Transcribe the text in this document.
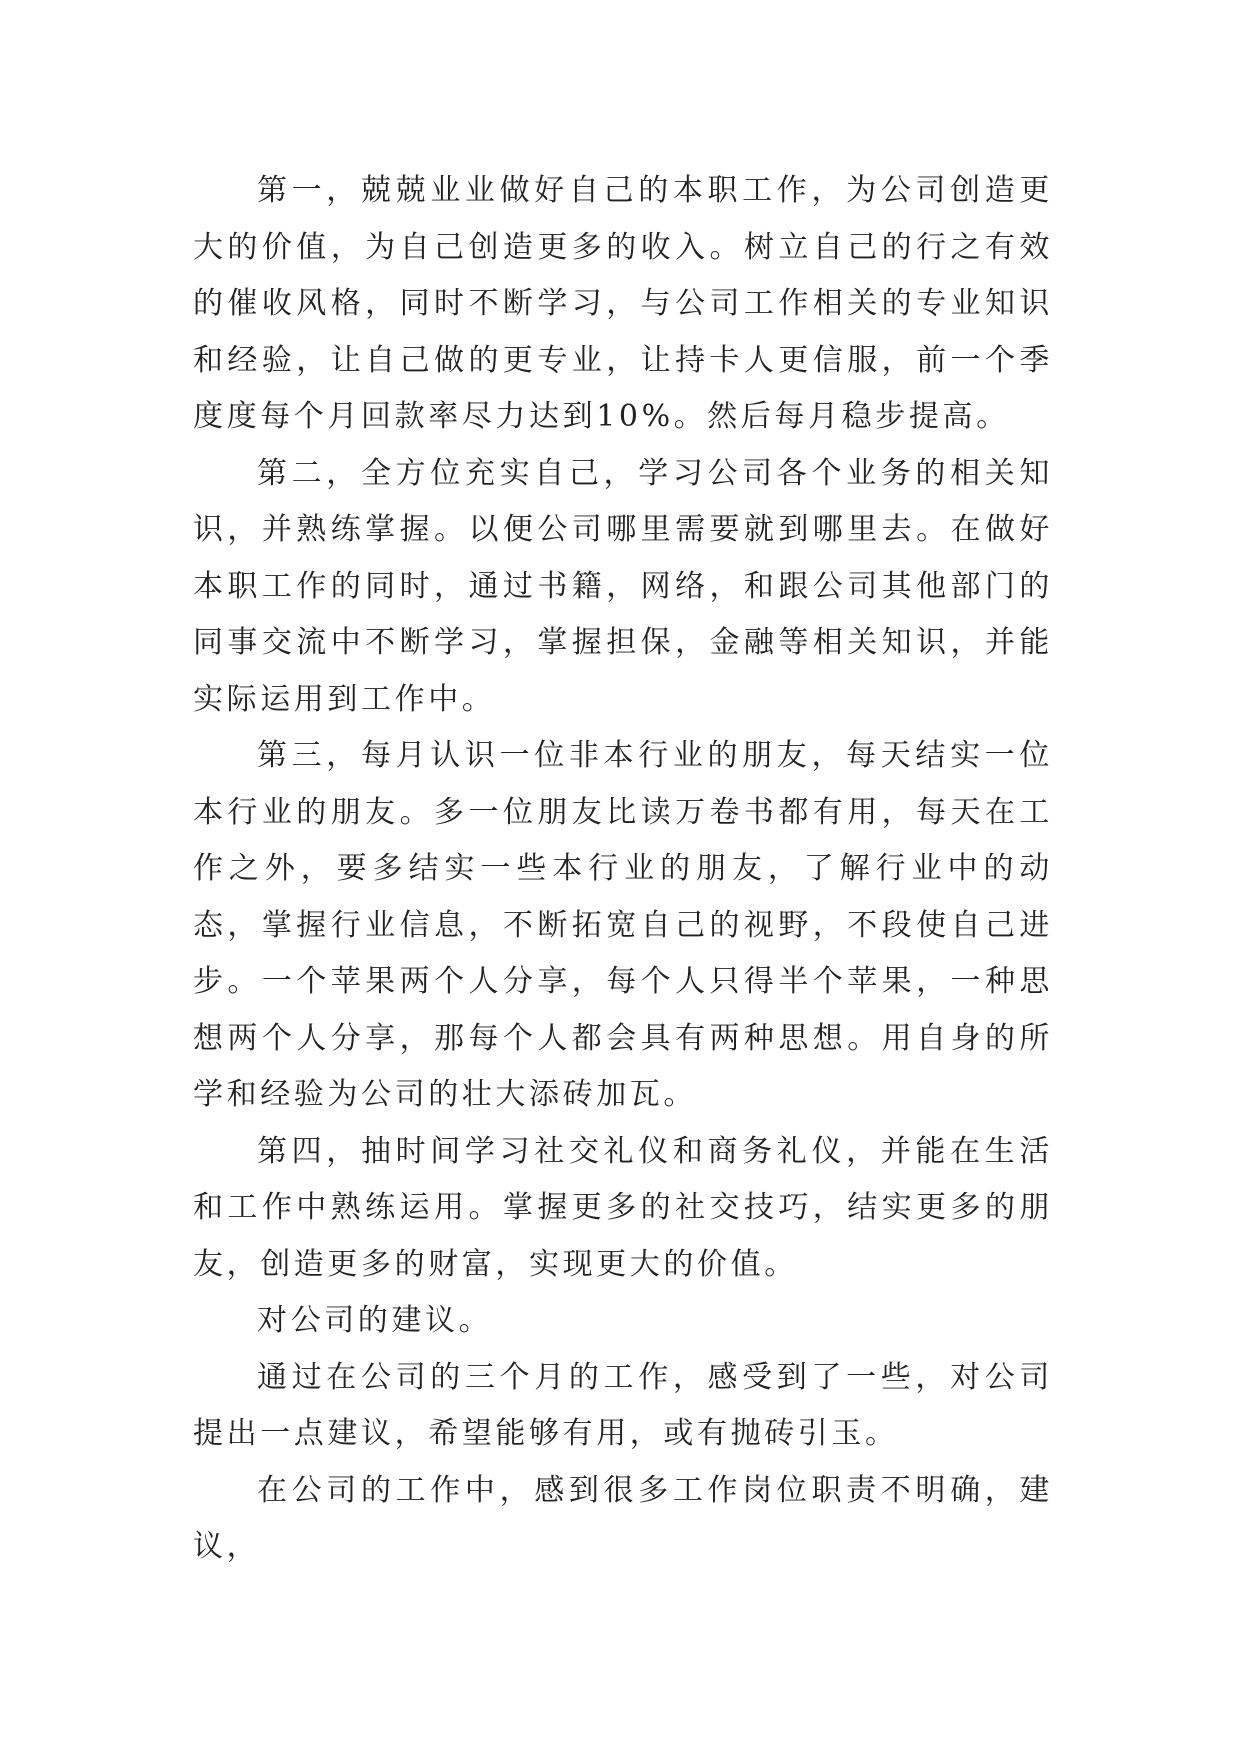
第一，兢兢业业做好自己的本职工作，为公司创造更大的价值，为自己创造更多的收入。树立自己的行之有效的催收风格，同时不断学习，与公司工作相关的专业知识和经验，让自己做的更专业，让持卡人更信服，前一个季度度每个月回款率尽力达到10%。然后每月稳步提高。

第二，全方位充实自己，学习公司各个业务的相关知识，并熟练掌握。以便公司哪里需要就到哪里去。在做好本职工作的同时，通过书籍，网络，和跟公司其他部门的同事交流中不断学习，掌握担保，金融等相关知识，并能实际运用到工作中。

第三，每月认识一位非本行业的朋友，每天结实一位本行业的朋友。多一位朋友比读万卷书都有用，每天在工作之外，要多结实一些本行业的朋友，了解行业中的动态，掌握行业信息，不断拓宽自己的视野，不段使自己进步。一个苹果两个人分享，每个人只得半个苹果，一种思想两个人分享，那每个人都会具有两种思想。用自身的所学和经验为公司的壮大添砖加瓦。

第四，抽时间学习社交礼仪和商务礼仪，并能在生活和工作中熟练运用。掌握更多的社交技巧，结实更多的朋友，创造更多的财富，实现更大的价值。

对公司的建议。

通过在公司的三个月的工作，感受到了一些，对公司提出一点建议，希望能够有用，或有抛砖引玉。

在公司的工作中，感到很多工作岗位职责不明确，建议，
